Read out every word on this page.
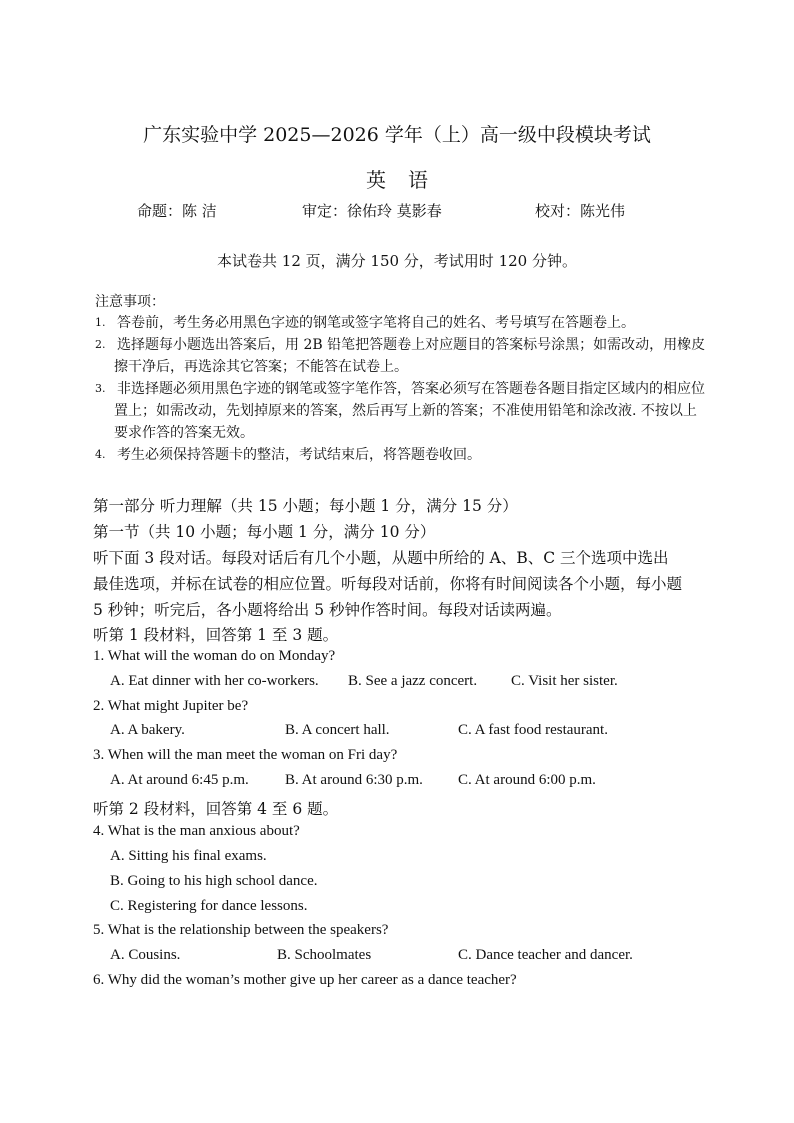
广东实验中学 2025—2026 学年（上）高一级中段模块考试
英语
命题：陈 洁	审定：徐佑玲 莫影春	校对：陈光伟
本试卷共 12 页，满分 150 分，考试用时 120 分钟。
注意事项：
1. 答卷前，考生务必用黑色字迹的钢笔或签字笔将自己的姓名、考号填写在答题卷上。
2. 选择题每小题选出答案后，用 2B 铅笔把答题卷上对应题目的答案标号涂黑；如需改动，用橡皮
擦干净后，再选涂其它答案；不能答在试卷上。
3. 非选择题必须用黑色字迹的钢笔或签字笔作答，答案必须写在答题卷各题目指定区域内的相应位
置上；如需改动，先划掉原来的答案，然后再写上新的答案；不准使用铅笔和涂改液. 不按以上
要求作答的答案无效。
4. 考生必须保持答题卡的整洁，考试结束后，将答题卷收回。
第一部分 听力理解（共 15 小题；每小题 1 分，满分 15 分）
第一节（共 10 小题；每小题 1 分，满分 10 分）
听下面 3 段对话。每段对话后有几个小题，从题中所给的 A、B、C 三个选项中选出
最佳选项，并标在试卷的相应位置。听每段对话前，你将有时间阅读各个小题，每小题
5 秒钟；听完后，各小题将给出 5 秒钟作答时间。每段对话读两遍。
听第 1 段材料，回答第 1 至 3 题。
1. What will the woman do on Monday?
A. Eat dinner with her co-workers. B. See a jazz concert. C. Visit her sister.
2. What might Jupiter be?
A. A bakery.	B. A concert hall.	C. A fast food restaurant.
3. When will the man meet the woman on Fri day?
A. At around 6:45 p.m. B. At around 6:30 p.m. C. At around 6:00 p.m.
听第 2 段材料，回答第 4 至 6 题。
4. What is the man anxious about?
A. Sitting his final exams.
B. Going to his high school dance.
C. Registering for dance lessons.
5. What is the relationship between the speakers?
A. Cousins.	B. Schoolmates	C. Dance teacher and dancer.
6. Why did the woman’s mother give up her career as a dance teacher?
